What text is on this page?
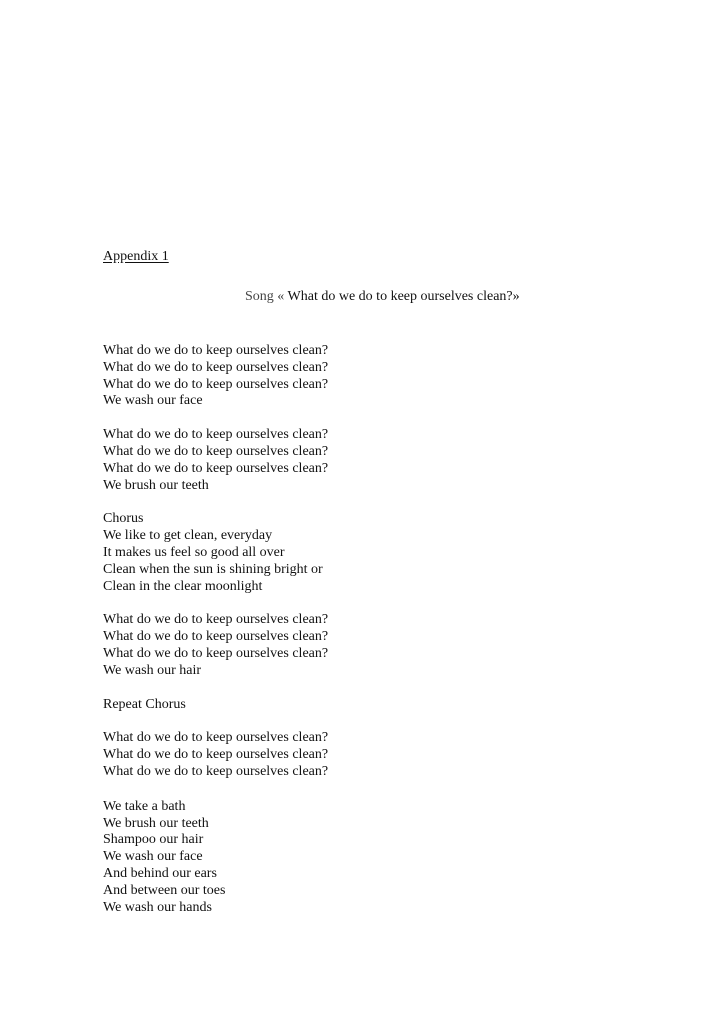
Appendix 1
Song « What do we do to keep ourselves clean?»
What do we do to keep ourselves clean?
What do we do to keep ourselves clean?
What do we do to keep ourselves clean?
We wash our face
What do we do to keep ourselves clean?
What do we do to keep ourselves clean?
What do we do to keep ourselves clean?
We brush our teeth
Chorus
We like to get clean, everyday
It makes us feel so good all over
Clean when the sun is shining bright or
Clean in the clear moonlight
What do we do to keep ourselves clean?
What do we do to keep ourselves clean?
What do we do to keep ourselves clean?
We wash our hair
Repeat Chorus
What do we do to keep ourselves clean?
What do we do to keep ourselves clean?
What do we do to keep ourselves clean?
We take a bath
We brush our teeth
Shampoo our hair
We wash our face
And behind our ears
And between our toes
We wash our hands
